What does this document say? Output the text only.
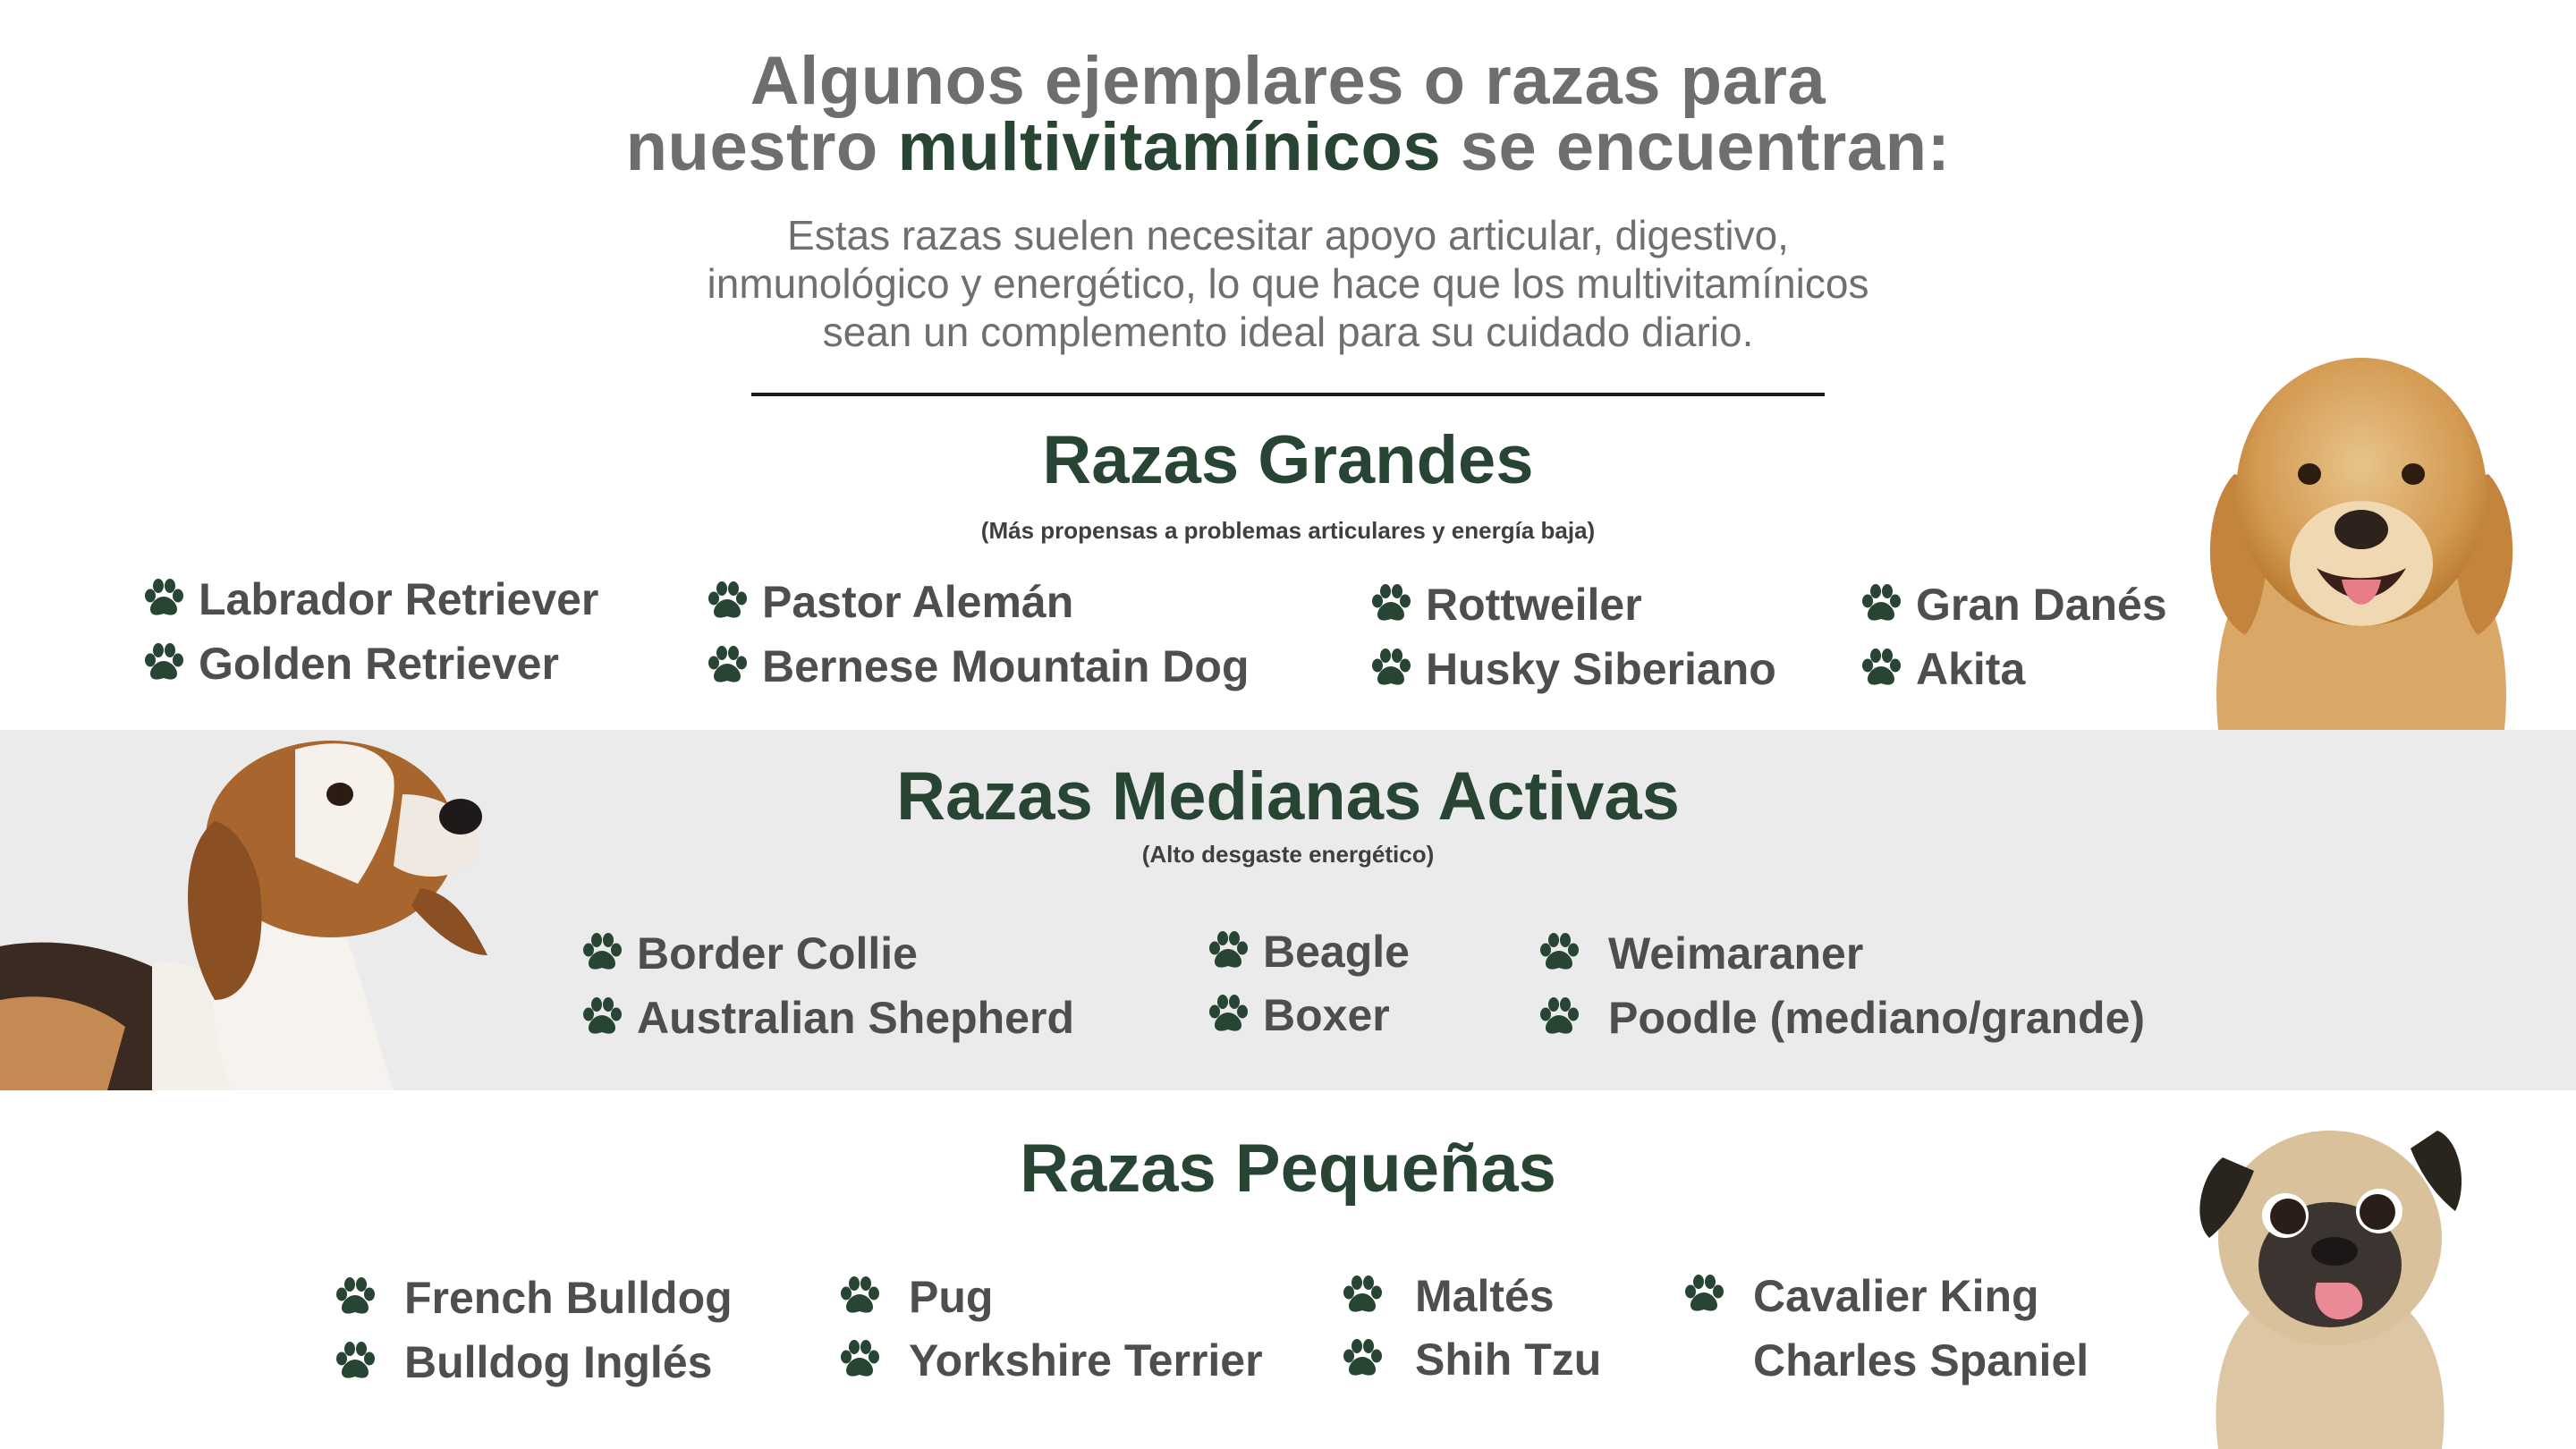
Algunos ejemplares o razas para
nuestro multivitamínicos se encuentran:
Estas razas suelen necesitar apoyo articular, digestivo,
inmunológico y energético, lo que hace que los multivitamínicos
sean un complemento ideal para su cuidado diario.
Razas Grandes
(Más propensas a problemas articulares y energía baja)
Labrador Retriever
Golden Retriever
Pastor Alemán
Bernese Mountain Dog
Rottweiler
Husky Siberiano
Gran Danés
Akita
Razas Medianas Activas
(Alto desgaste energético)
Border Collie
Australian Shepherd
Beagle
Boxer
Weimaraner
Poodle (mediano/grande)
Razas Pequeñas
French Bulldog
Bulldog Inglés
Pug
Yorkshire Terrier
Maltés
Shih Tzu
Cavalier King Charles Spaniel
